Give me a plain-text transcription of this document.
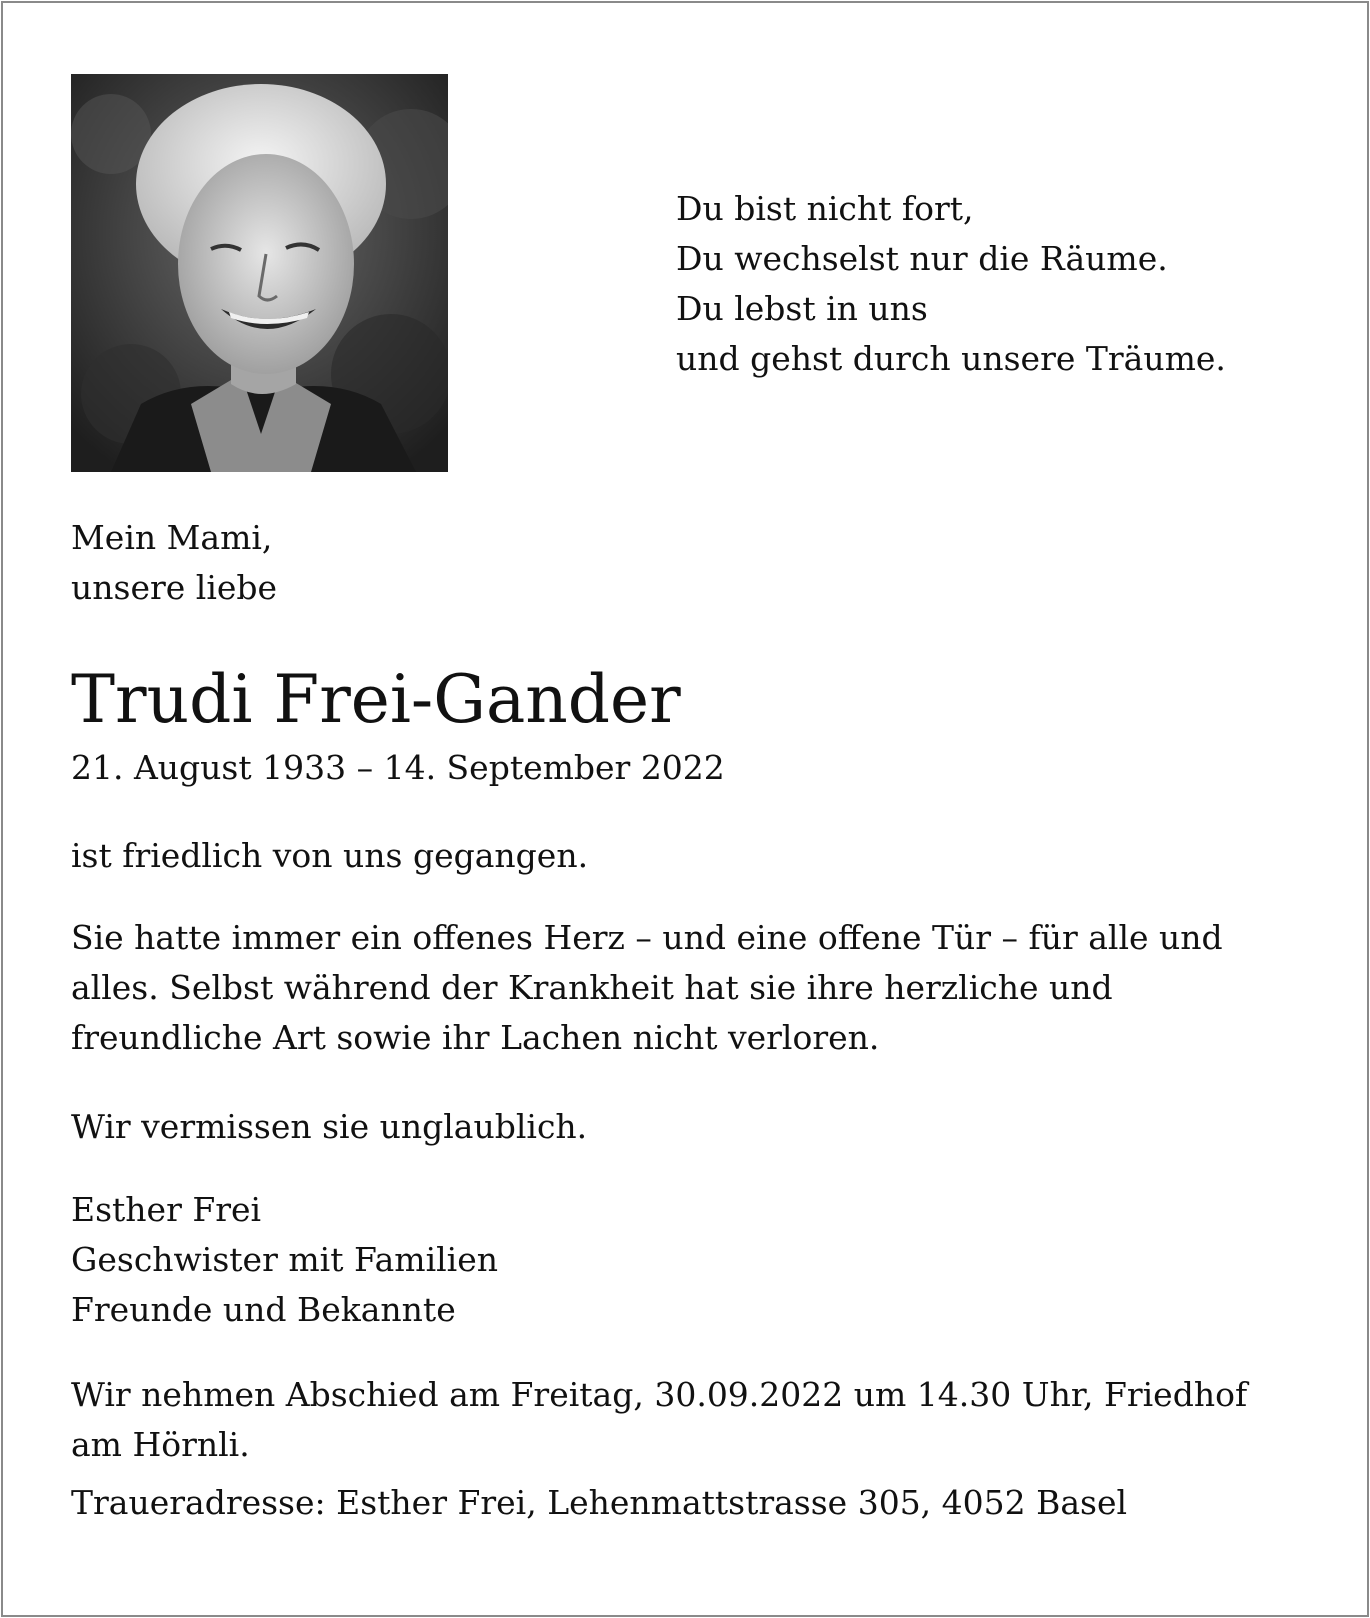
Du bist nicht fort,
Du wechselst nur die Räume.
Du lebst in uns
und gehst durch unsere Träume.
Mein Mami,
unsere liebe
Trudi Frei-Gander
21. August 1933 – 14. September 2022
ist friedlich von uns gegangen.
Sie hatte immer ein offenes Herz – und eine offene Tür – für alle und
alles. Selbst während der Krankheit hat sie ihre herzliche und
freundliche Art sowie ihr Lachen nicht verloren.
Wir vermissen sie unglaublich.
Esther Frei
Geschwister mit Familien
Freunde und Bekannte
Wir nehmen Abschied am Freitag, 30.09.2022 um 14.30 Uhr, Friedhof
am Hörnli.
Traueradresse: Esther Frei, Lehenmattstrasse 305, 4052 Basel
